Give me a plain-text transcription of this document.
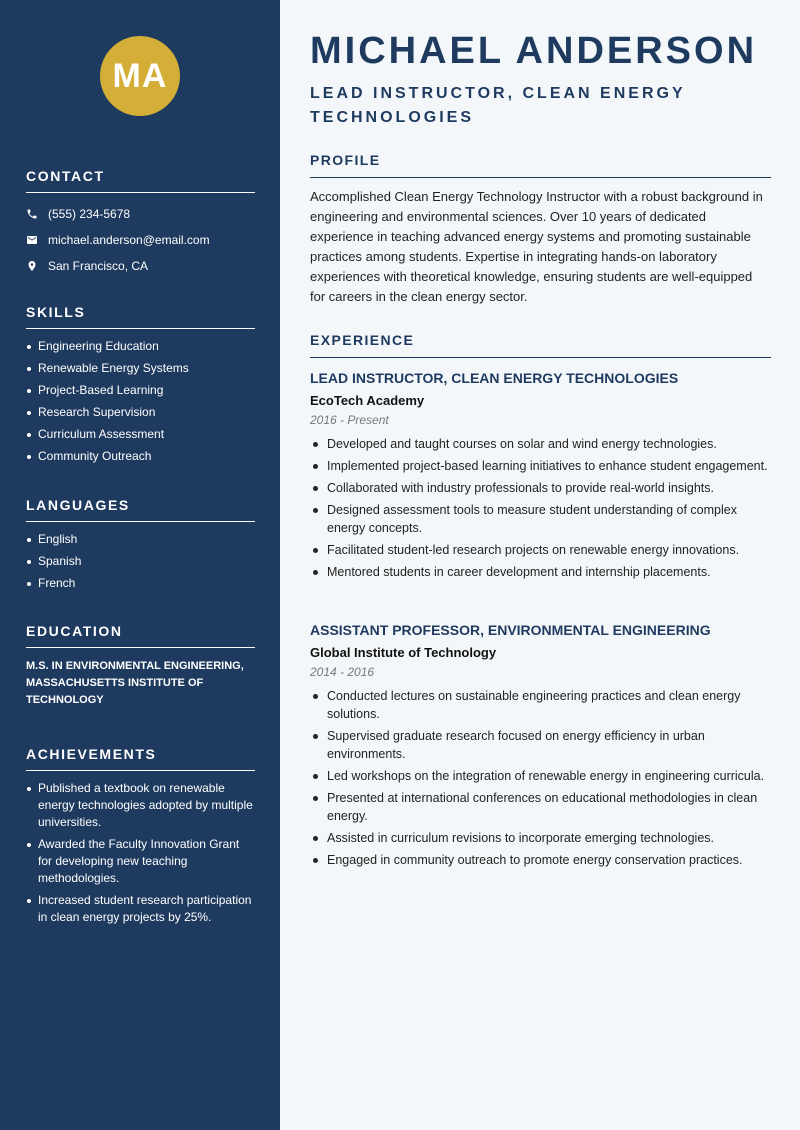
MA
CONTACT
(555) 234-5678
michael.anderson@email.com
San Francisco, CA
SKILLS
Engineering Education
Renewable Energy Systems
Project-Based Learning
Research Supervision
Curriculum Assessment
Community Outreach
LANGUAGES
English
Spanish
French
EDUCATION
M.S. IN ENVIRONMENTAL ENGINEERING, MASSACHUSETTS INSTITUTE OF TECHNOLOGY
ACHIEVEMENTS
Published a textbook on renewable energy technologies adopted by multiple universities.
Awarded the Faculty Innovation Grant for developing new teaching methodologies.
Increased student research participation in clean energy projects by 25%.
MICHAEL ANDERSON
LEAD INSTRUCTOR, CLEAN ENERGY TECHNOLOGIES
PROFILE

Accomplished Clean Energy Technology Instructor with a robust background in engineering and environmental sciences. Over 10 years of dedicated experience in teaching advanced energy systems and promoting sustainable practices among students. Expertise in integrating hands-on laboratory experiences with theoretical knowledge, ensuring students are well-equipped for careers in the clean energy sector.

EXPERIENCE
LEAD INSTRUCTOR, CLEAN ENERGY TECHNOLOGIES
EcoTech Academy
2016 - Present
Developed and taught courses on solar and wind energy technologies.
Implemented project-based learning initiatives to enhance student engagement.
Collaborated with industry professionals to provide real-world insights.
Designed assessment tools to measure student understanding of complex energy concepts.
Facilitated student-led research projects on renewable energy innovations.
Mentored students in career development and internship placements.
ASSISTANT PROFESSOR, ENVIRONMENTAL ENGINEERING
Global Institute of Technology
2014 - 2016
Conducted lectures on sustainable engineering practices and clean energy solutions.
Supervised graduate research focused on energy efficiency in urban environments.
Led workshops on the integration of renewable energy in engineering curricula.
Presented at international conferences on educational methodologies in clean energy.
Assisted in curriculum revisions to incorporate emerging technologies.
Engaged in community outreach to promote energy conservation practices.
